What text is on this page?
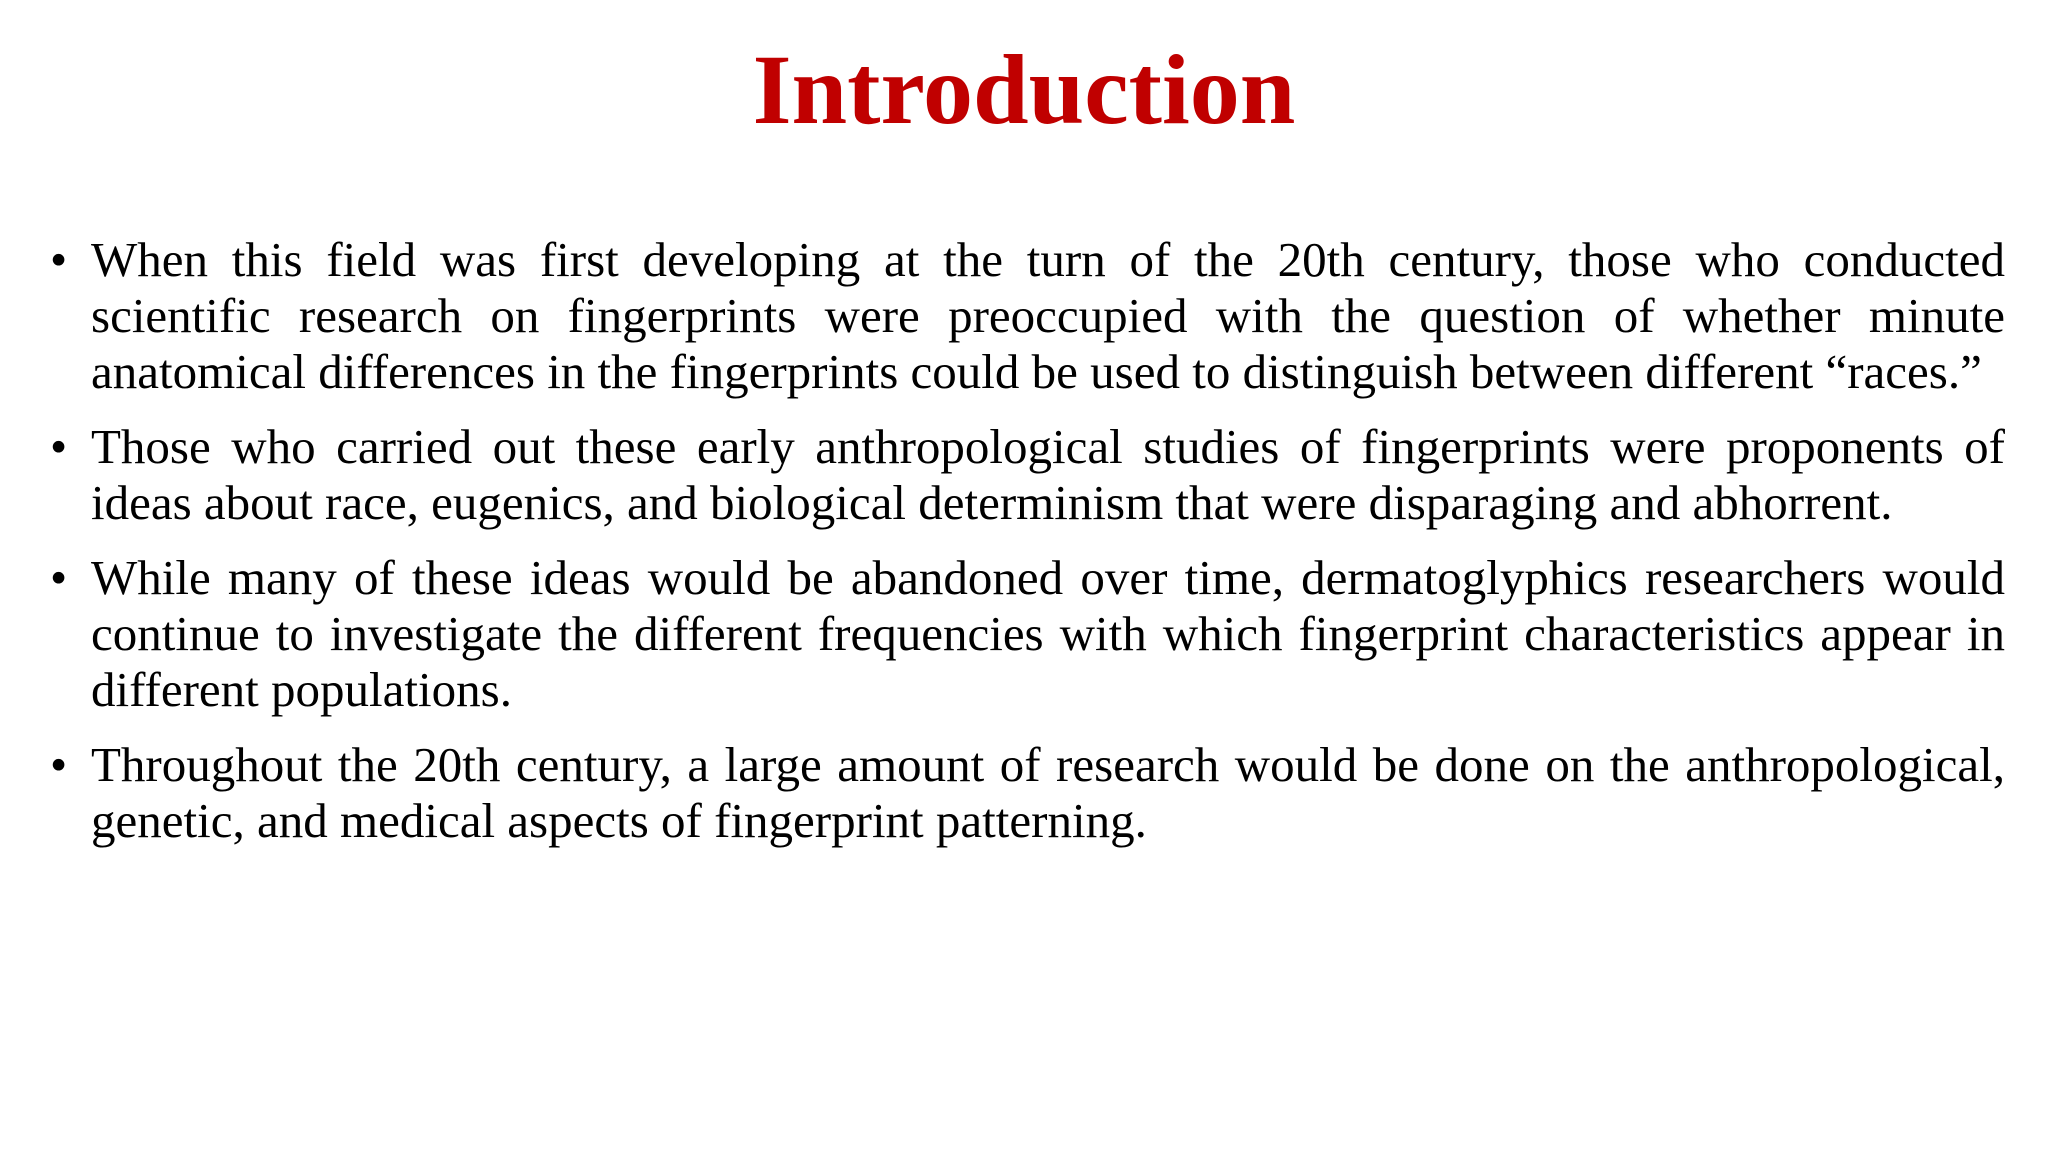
Introduction
• When this field was first developing at the turn of the 20th century, those who conducted scientific research on fingerprints were preoccupied with the question of whether minute anatomical differences in the fingerprints could be used to distinguish between different “races.”
• Those who carried out these early anthropological studies of fingerprints were proponents of ideas about race, eugenics, and biological determinism that were disparaging and abhorrent.
• While many of these ideas would be abandoned over time, dermatoglyphics researchers would continue to investigate the different frequencies with which fingerprint characteristics appear in different populations.
• Throughout the 20th century, a large amount of research would be done on the anthropological, genetic, and medical aspects of fingerprint patterning.
